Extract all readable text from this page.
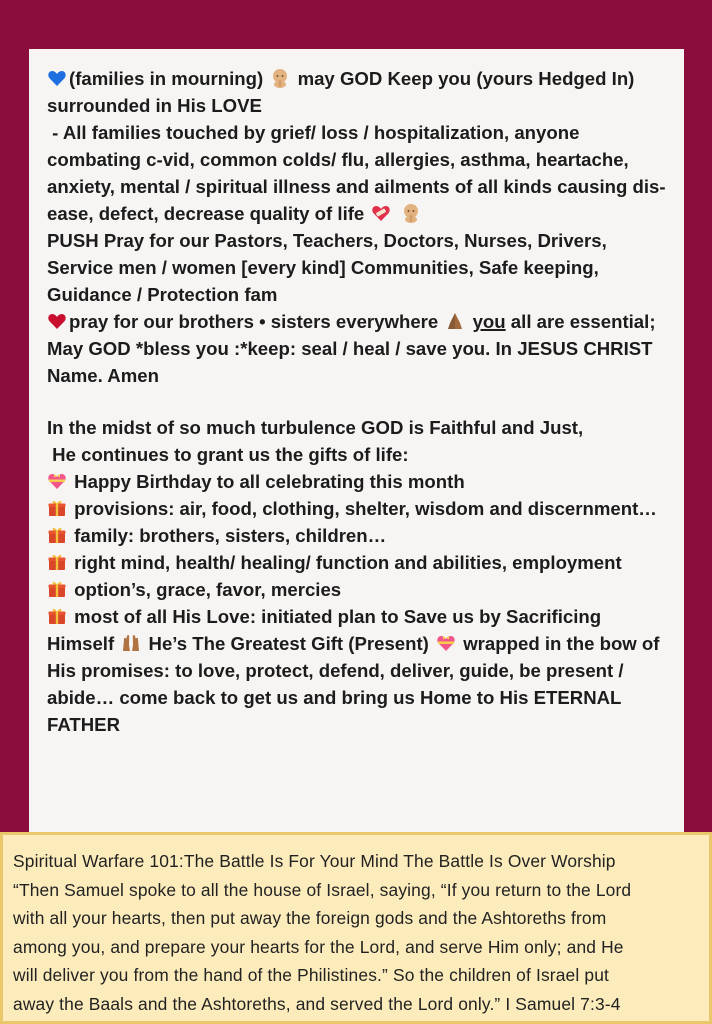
(families in mourning) may GOD Keep you (yours Hedged In) surrounded in His LOVE

- All families touched by grief/ loss / hospitalization, anyone combating c-vid, common colds/ flu, allergies, asthma, heartache, anxiety, mental / spiritual illness and ailments of all kinds causing dis-ease, defect, decrease quality of life
PUSH Pray for our Pastors, Teachers, Doctors, Nurses, Drivers, Service men / women [every kind] Communities, Safe keeping, Guidance / Protection fam

pray for our brothers • sisters everywhere you all are essential; May GOD *bless you :*keep: seal / heal / save you. In JESUS CHRIST Name. Amen

In the midst of so much turbulence GOD is Faithful and Just,

He continues to grant us the gifts of life:

Happy Birthday to all celebrating this month

provisions: air, food, clothing, shelter, wisdom and discernment…

family: brothers, sisters, children…

right mind, health/ healing/ function and abilities, employment

option’s, grace, favor, mercies

most of all His Love: initiated plan to Save us by Sacrificing Himself He’s The Greatest Gift (Present) wrapped in the bow of His promises: to love, protect, defend, deliver, guide, be present / abide… come back to get us and bring us Home to His ETERNAL FATHER

Spiritual Warfare 101:The Battle Is For Your Mind The Battle Is Over Worship

“Then Samuel spoke to all the house of Israel, saying, “If you return to the Lord

with all your hearts, then put away the foreign gods and the Ashtoreths from

among you, and prepare your hearts for the Lord, and serve Him only; and He

will deliver you from the hand of the Philistines.” So the children of Israel put

away the Baals and the Ashtoreths, and served the Lord only.” I Samuel 7:3-4
